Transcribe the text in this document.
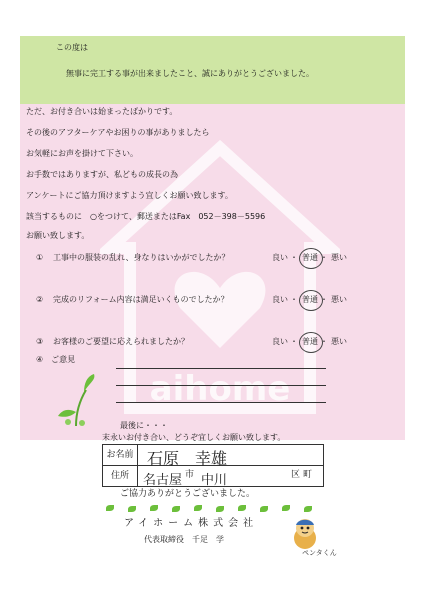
aihome
この度は
無事に完工する事が出来ましたこと、誠にありがとうございました。
ただ、お付き合いは始まったばかりです。
その後のアフターケアやお困りの事がありましたら
お気軽にお声を掛けて下さい。
お手数ではありますが、私どもの成長の為
アンケートにご協力頂けますよう宜しくお願い致します。
該当するものに　○をつけて、郵送またはFax　052－398－5596
お願い致します。
① 工事中の服装の乱れ、身なりはいかがでしたか？	良い ・ 普通 ・ 悪い
② 完成のリフォーム内容は満足いくものでしたか？	良い ・ 普通 ・ 悪い
③ お客様のご要望に応えられましたか？	良い ・ 普通 ・ 悪い
④　ご意見
最後に・・・
末永いお付き合い、どうぞ宜しくお願い致します。
お名前 石原　幸雄
住所	名古屋 市 中川	区 町
ご協力ありがとうございました。
アイホーム株式会社
代表取締役　千足　学
ペンタくん
